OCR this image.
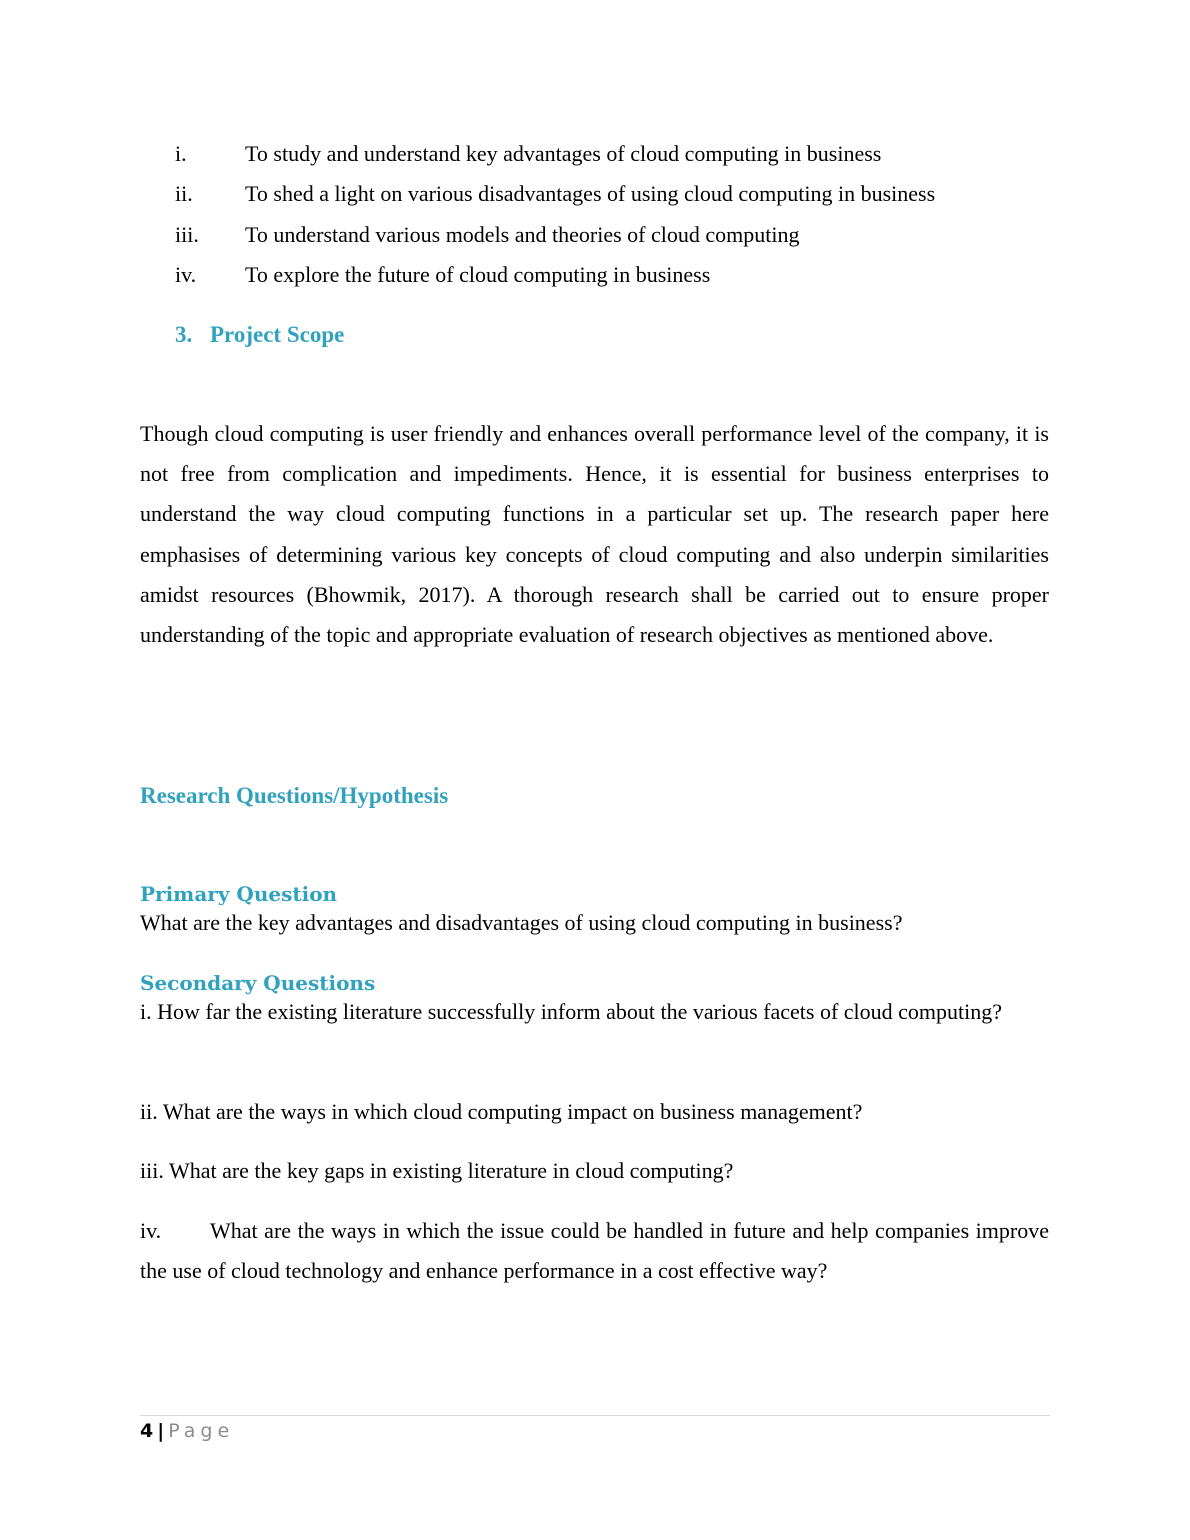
i.	To study and understand key advantages of cloud computing in business
ii. To shed a light on various disadvantages of using cloud computing in business
iii. To understand various models and theories of cloud computing
iv. To explore the future of cloud computing in business
3. Project Scope

Though cloud computing is user friendly and enhances overall performance level of the company, it is not free from complication and impediments. Hence, it is essential for business enterprises to understand the way cloud computing functions in a particular set up. The research paper here emphasises of determining various key concepts of cloud computing and also underpin similarities amidst resources (Bhowmik, 2017). A thorough research shall be carried out to ensure proper understanding of the topic and appropriate evaluation of research objectives as mentioned above.

Research Questions/Hypothesis
Primary Question
What are the key advantages and disadvantages of using cloud computing in business?
Secondary Questions

i. How far the existing literature successfully inform about the various facets of cloud computing?

ii. What are the ways in which cloud computing impact on business management?
iii. What are the key gaps in existing literature in cloud computing?

iv. What are the ways in which the issue could be handled in future and help companies improve the use of cloud technology and enhance performance in a cost effective way?

4 | Page
